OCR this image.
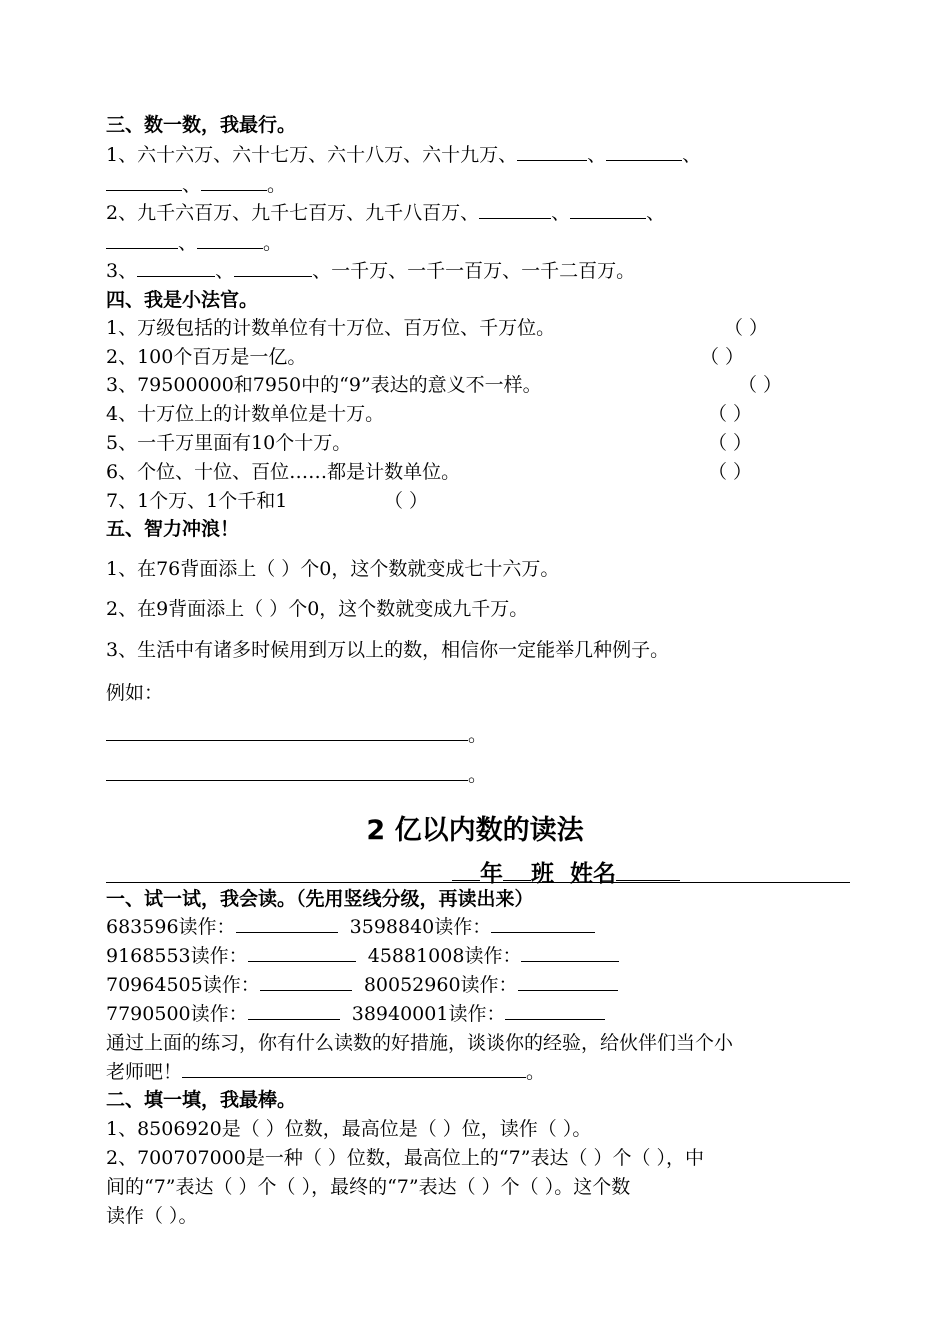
三、数一数，我最行。
1、六十六万、六十七万、六十八万、六十九万、	、	、
、	。
2、九千六百万、九千七百万、九千八百万、	、	、
、	。
3、	、	、一千万、一千一百万、一千二百万。
四、我是小法官。
1、万级包括的计数单位有十万位、百万位、千万位。	（ ）
2、100个百万是一亿。	（ ）
3、79500000和7950中的“9”表达的意义不一样。	（ ）
4、十万位上的计数单位是十万。	（ ）
5、一千万里面有10个十万。	（ ）
6、个位、十位、百位……都是计数单位。	（ ）
7、1个万、1个千和1	（ ）
五、智力冲浪！
1、在76背面添上（ ）个0，这个数就变成七十六万。
2、在9背面添上（ ）个0，这个数就变成九千万。
3、生活中有诸多时候用到万以上的数，相信你一定能举几种例子。
例如：
。
。
2 亿以内数的读法
年 班 姓名
一、试一试，我会读。（先用竖线分级，再读出来）
683596读作：	3598840读作：
9168553读作：	45881008读作：
70964505读作：	80052960读作：
7790500读作：	38940001读作：
通过上面的练习，你有什么读数的好措施，谈谈你的经验，给伙伴们当个小
老师吧！	。
二、填一填，我最棒。
1、8506920是（ ）位数，最高位是（ ）位，读作（ ）。
2、700707000是一种（ ）位数，最高位上的“7”表达（ ）个（ ），中
间的“7”表达（ ）个（ ），最终的“7”表达（ ）个（ ）。这个数
读作（ ）。
